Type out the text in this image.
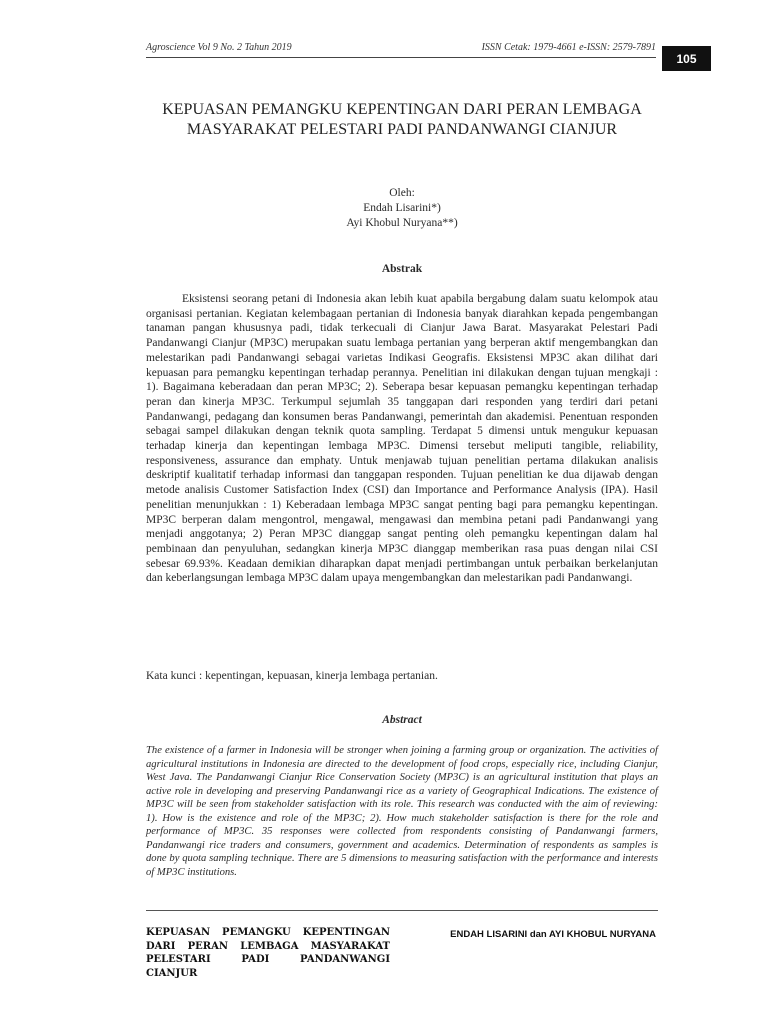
Agroscience Vol 9 No. 2 Tahun 2019	ISSN Cetak: 1979-4661 e-ISSN: 2579-7891
105
KEPUASAN PEMANGKU KEPENTINGAN DARI PERAN LEMBAGA MASYARAKAT PELESTARI PADI PANDANWANGI CIANJUR
Oleh:
Endah Lisarini*)
Ayi Khobul Nuryana**)
Abstrak

Eksistensi seorang petani di Indonesia akan lebih kuat apabila bergabung dalam suatu kelompok atau organisasi pertanian. Kegiatan kelembagaan pertanian di Indonesia banyak diarahkan kepada pengembangan tanaman pangan khususnya padi, tidak terkecuali di Cianjur Jawa Barat. Masyarakat Pelestari Padi Pandanwangi Cianjur (MP3C) merupakan suatu lembaga pertanian yang berperan aktif mengembangkan dan melestarikan padi Pandanwangi sebagai varietas Indikasi Geografis. Eksistensi MP3C akan dilihat dari kepuasan para pemangku kepentingan terhadap perannya. Penelitian ini dilakukan dengan tujuan mengkaji : 1). Bagaimana keberadaan dan peran MP3C; 2). Seberapa besar kepuasan pemangku kepentingan terhadap peran dan kinerja MP3C. Terkumpul sejumlah 35 tanggapan dari responden yang terdiri dari petani Pandanwangi, pedagang dan konsumen beras Pandanwangi, pemerintah dan akademisi. Penentuan responden sebagai sampel dilakukan dengan teknik quota sampling. Terdapat 5 dimensi untuk mengukur kepuasan terhadap kinerja dan kepentingan lembaga MP3C. Dimensi tersebut meliputi tangible, reliability, responsiveness, assurance dan emphaty. Untuk menjawab tujuan penelitian pertama dilakukan analisis deskriptif kualitatif terhadap informasi dan tanggapan responden. Tujuan penelitian ke dua dijawab dengan metode analisis Customer Satisfaction Index (CSI) dan Importance and Performance Analysis (IPA). Hasil penelitian menunjukkan : 1) Keberadaan lembaga MP3C sangat penting bagi para pemangku kepentingan. MP3C berperan dalam mengontrol, mengawal, mengawasi dan membina petani padi Pandanwangi yang menjadi anggotanya; 2) Peran MP3C dianggap sangat penting oleh pemangku kepentingan dalam hal pembinaan dan penyuluhan, sedangkan kinerja MP3C dianggap memberikan rasa puas dengan nilai CSI sebesar 69.93%. Keadaan demikian diharapkan dapat menjadi pertimbangan untuk perbaikan berkelanjutan dan keberlangsungan lembaga MP3C dalam upaya mengembangkan dan melestarikan padi Pandanwangi.

Kata kunci : kepentingan, kepuasan, kinerja lembaga pertanian.
Abstract

The existence of a farmer in Indonesia will be stronger when joining a farming group or organization. The activities of agricultural institutions in Indonesia are directed to the development of food crops, especially rice, including Cianjur, West Java. The Pandanwangi Cianjur Rice Conservation Society (MP3C) is an agricultural institution that plays an active role in developing and preserving Pandanwangi rice as a variety of Geographical Indications. The existence of MP3C will be seen from stakeholder satisfaction with its role. This research was conducted with the aim of reviewing: 1). How is the existence and role of the MP3C; 2). How much stakeholder satisfaction is there for the role and performance of MP3C. 35 responses were collected from respondents consisting of Pandanwangi farmers, Pandanwangi rice traders and consumers, government and academics. Determination of respondents as samples is done by quota sampling technique. There are 5 dimensions to measuring satisfaction with the performance and interests of MP3C institutions.

KEPUASAN PEMANGKU KEPENTINGAN
DARI PERAN LEMBAGA MASYARAKAT
PELESTARI PADI PANDANWANGI CIANJUR
ENDAH LISARINI dan AYI KHOBUL NURYANA
